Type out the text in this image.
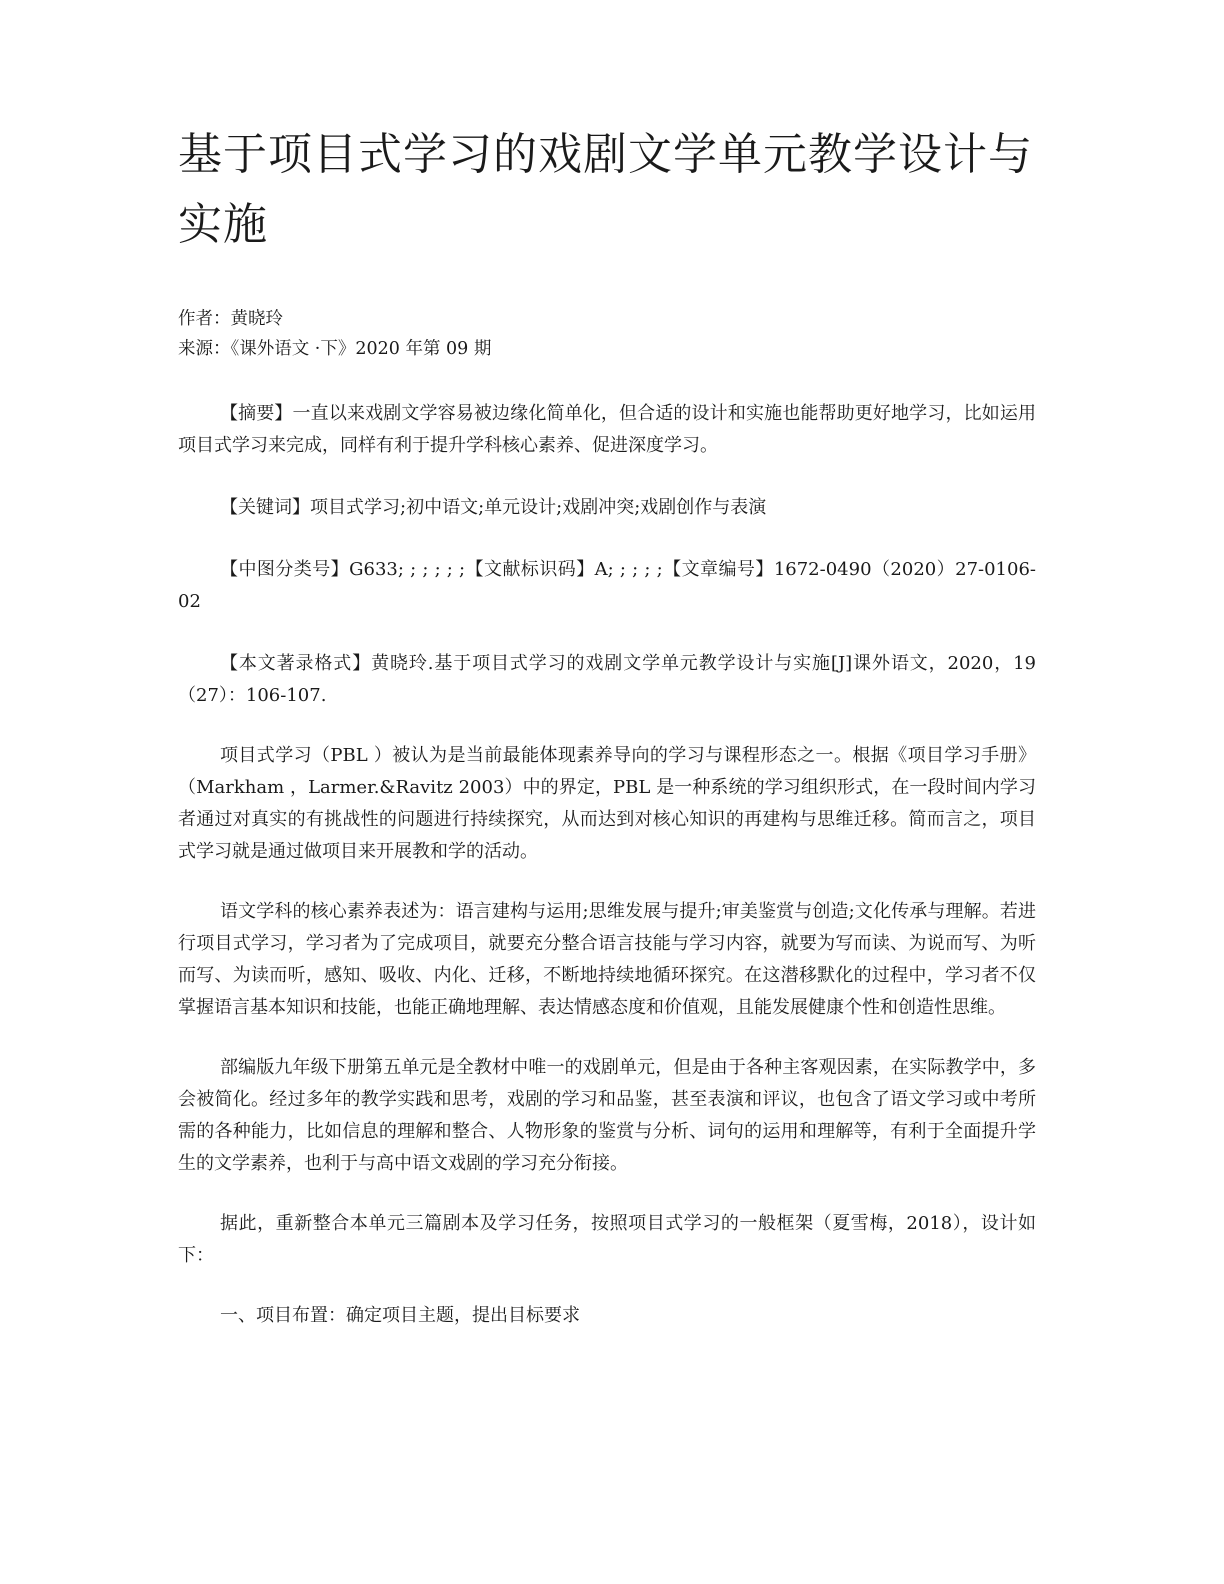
基于项目式学习的戏剧文学单元教学设计与实施
作者：黄晓玲
来源：《课外语文 ·下》2020 年第 09 期

【摘要】一直以来戏剧文学容易被边缘化简单化，但合适的设计和实施也能帮助更好地学习，比如运用项目式学习来完成，同样有利于提升学科核心素养、促进深度学习。

【关键词】项目式学习;初中语文;单元设计;戏剧冲突;戏剧创作与表演

【中图分类号】G633; ; ; ; ; ;【文献标识码】A; ; ; ; ;【文章编号】1672-0490（2020）27-0106-02

【本文著录格式】黄晓玲.基于项目式学习的戏剧文学单元教学设计与实施[J]课外语文，2020，19（27）：106-107.

项目式学习（PBL ）被认为是当前最能体现素养导向的学习与课程形态之一。根据《项目学习手册》（Markham ，Larmer.&Ravitz 2003）中的界定，PBL 是一种系统的学习组织形式，在一段时间内学习者通过对真实的有挑战性的问题进行持续探究，从而达到对核心知识的再建构与思维迁移。简而言之，项目式学习就是通过做项目来开展教和学的活动。

语文学科的核心素养表述为：语言建构与运用;思维发展与提升;审美鉴赏与创造;文化传承与理解。若进行项目式学习，学习者为了完成项目，就要充分整合语言技能与学习内容，就要为写而读、为说而写、为听而写、为读而听，感知、吸收、内化、迁移，不断地持续地循环探究。在这潜移默化的过程中，学习者不仅掌握语言基本知识和技能，也能正确地理解、表达情感态度和价值观，且能发展健康个性和创造性思维。

部编版九年级下册第五单元是全教材中唯一的戏剧单元，但是由于各种主客观因素，在实际教学中，多会被简化。经过多年的教学实践和思考，戏剧的学习和品鉴，甚至表演和评议，也包含了语文学习或中考所需的各种能力，比如信息的理解和整合、人物形象的鉴赏与分析、词句的运用和理解等，有利于全面提升学生的文学素养，也利于与高中语文戏剧的学习充分衔接。

据此，重新整合本单元三篇剧本及学习任务，按照项目式学习的一般框架（夏雪梅，2018），设计如下：

一、项目布置：确定项目主题，提出目标要求
